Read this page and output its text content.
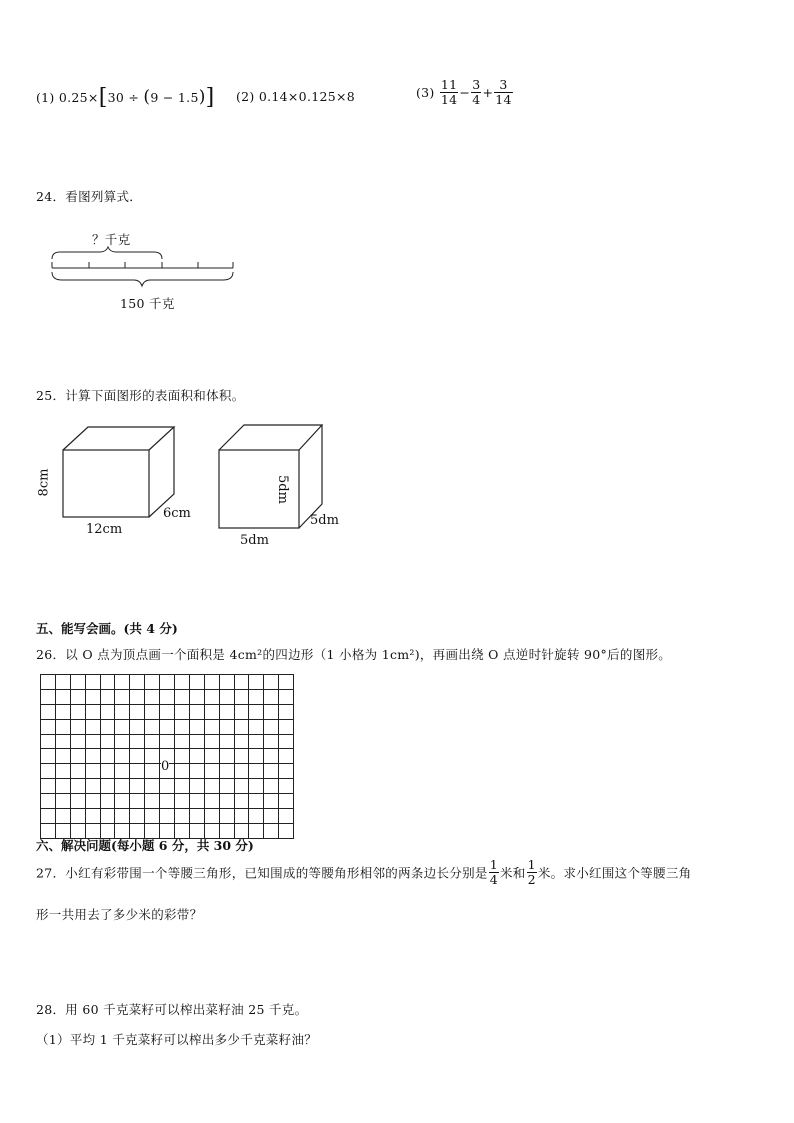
(1) 0.25×[30 ÷ (9 − 1.5)] (2) 0.14×0.125×8	$(3) \frac{11}{14} - \frac{3}{4} + \frac{3}{14}$
24．看图列算式．
？千克
150 千克
25．计算下面图形的表面积和体积。
8cm
12cm
6cm
5dm
5dm
5dm
五、能写会画。(共 4 分)
26．以 O 点为顶点画一个面积是 4cm²的四边形（1 小格为 1cm²)，再画出绕 O 点逆时针旋转 90°后的图形。

0
六、解决问题(每小题 6 分，共 30 分)
27．小红有彩带围一个等腰三角形，已知围成的等腰角形相邻的两条边长分别是 $\frac{1}{4}$ 米和 $\frac{1}{2}$ 米。求小红围这个等腰三角
形一共用去了多少米的彩带？
28．用 60 千克菜籽可以榨出菜籽油 25 千克。
（1）平均 1 千克菜籽可以榨出多少千克菜籽油？
